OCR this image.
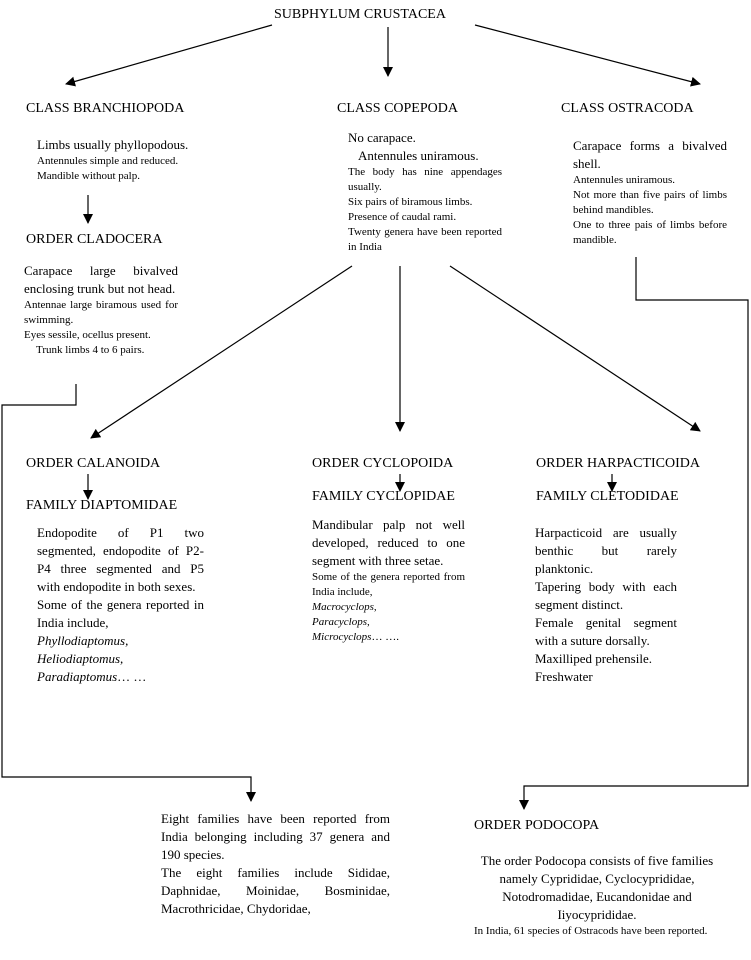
SUBPHYLUM CRUSTACEA
CLASS BRANCHIOPODA

Limbs usually phyllopodous.

Antennules simple and reduced.

Mandible without palp.

ORDER CLADOCERA

Carapace large bivalved enclosing trunk but not head.

Antennae large biramous used for swimming.

Eyes sessile, ocellus present.

Trunk limbs 4 to 6 pairs.

CLASS COPEPODA

No carapace.

Antennules uniramous.

The body has nine appendages usually.

Six pairs of biramous limbs.

Presence of caudal rami.

Twenty genera have been reported in India

CLASS OSTRACODA

Carapace forms a bivalved shell.

Antennules uniramous.

Not more than five pairs of limbs behind mandibles.

One to three pais of limbs before mandible.

ORDER CALANOIDA
FAMILY DIAPTOMIDAE

Endopodite of P1 two segmented, endopodite of P2-P4 three segmented and P5 with endopodite in both sexes.

Some of the genera reported in India include,

Phyllodiaptomus,

Heliodiaptomus,

Paradiaptomus… …

ORDER CYCLOPOIDA
FAMILY CYCLOPIDAE

Mandibular palp not well developed, reduced to one segment with three setae.

Some of the genera reported from India include,

Macrocyclops,

Paracyclops,

Microcyclops… ….

ORDER HARPACTICOIDA
FAMILY CLETODIDAE

Harpacticoid are usually benthic but rarely planktonic.

Tapering body with each segment distinct.

Female genital segment with a suture dorsally.

Maxilliped prehensile.

Freshwater

Eight families have been reported from India belonging including 37 genera and 190 species.

The eight families include Sididae, Daphnidae, Moinidae, Bosminidae, Macrothricidae, Chydoridae,

ORDER PODOCOPA

The order Podocopa consists of five families namely Cyprididae, Cyclocyprididae, Notodromadidae, Eucandonidae and Iiyocyprididae.

In India, 61 species of Ostracods have been reported.
